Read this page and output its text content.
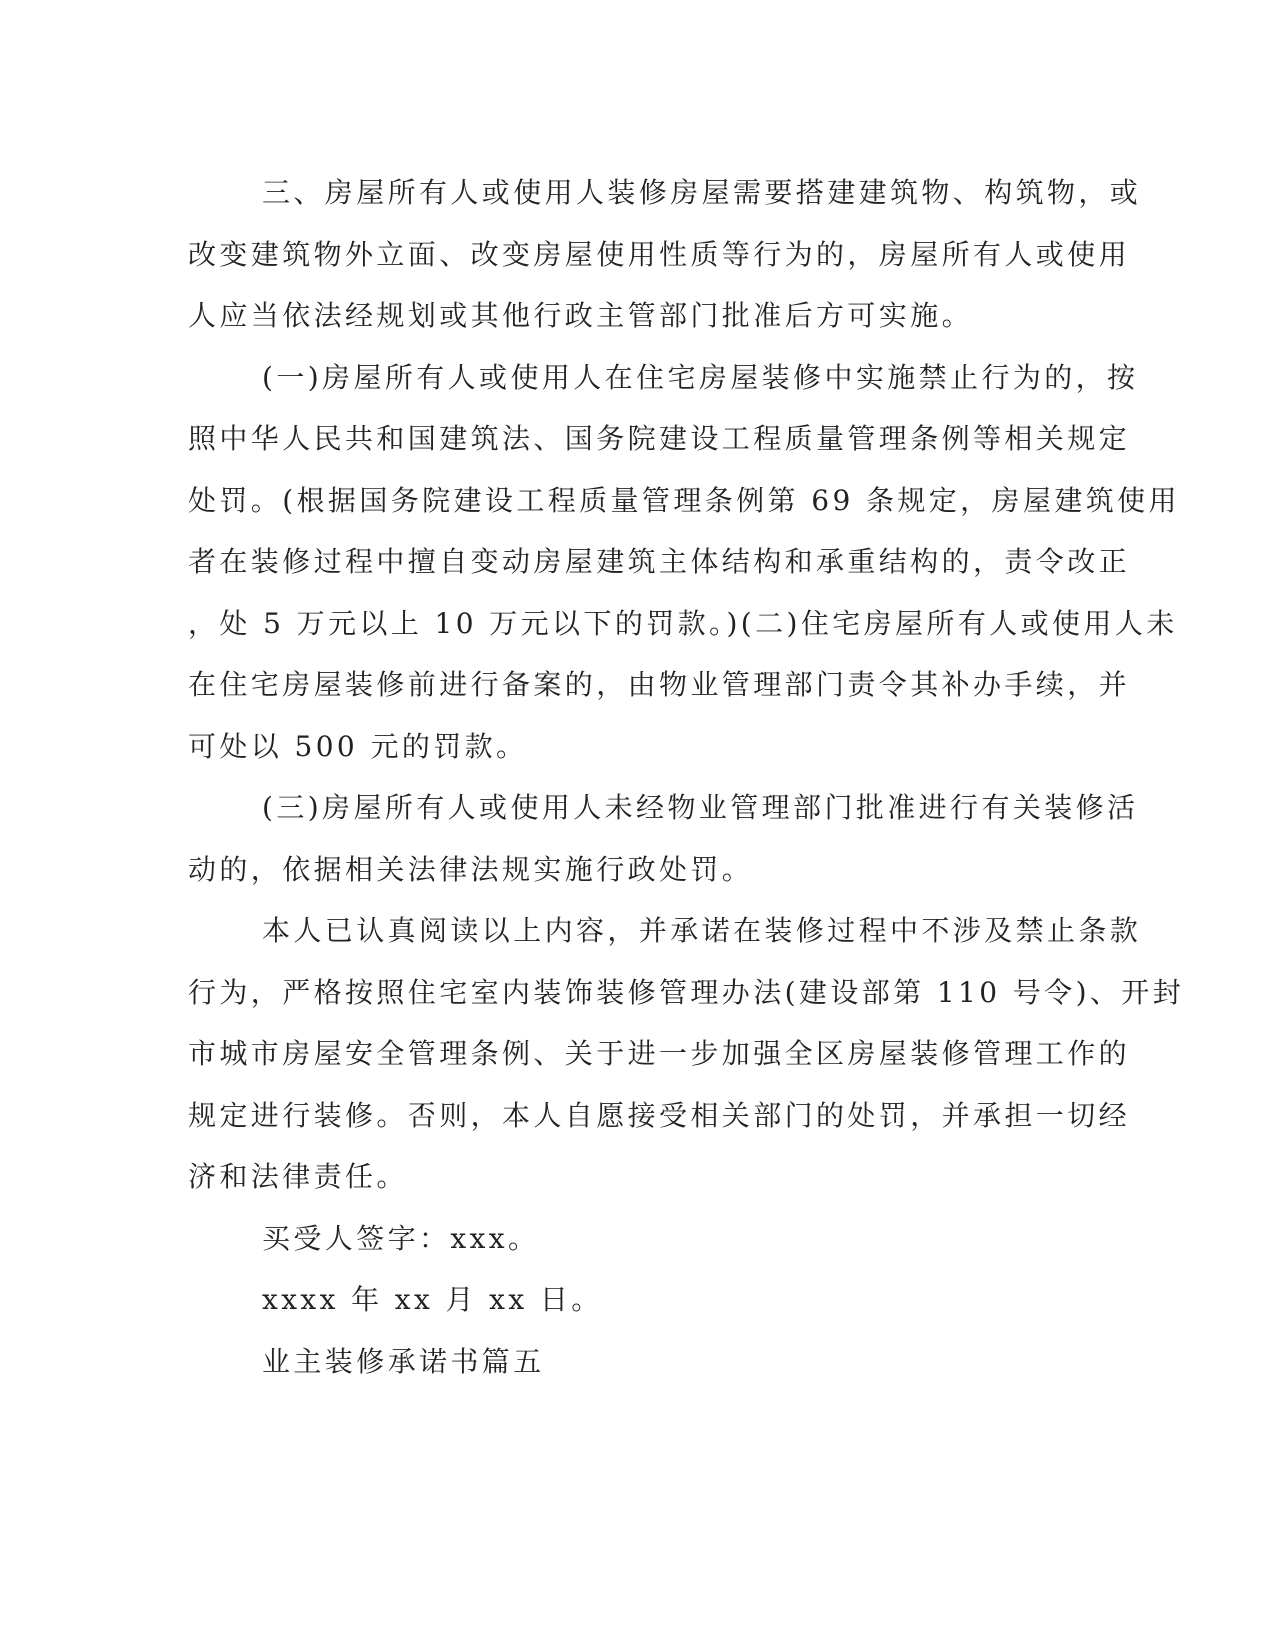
三、房屋所有人或使用人装修房屋需要搭建建筑物、构筑物，或
改变建筑物外立面、改变房屋使用性质等行为的，房屋所有人或使用
人应当依法经规划或其他行政主管部门批准后方可实施。
(一)房屋所有人或使用人在住宅房屋装修中实施禁止行为的，按
照中华人民共和国建筑法、国务院建设工程质量管理条例等相关规定
处罚。(根据国务院建设工程质量管理条例第 69 条规定，房屋建筑使用
者在装修过程中擅自变动房屋建筑主体结构和承重结构的，责令改正
，处 5 万元以上 10 万元以下的罚款。)(二)住宅房屋所有人或使用人未
在住宅房屋装修前进行备案的，由物业管理部门责令其补办手续，并
可处以 500 元的罚款。
(三)房屋所有人或使用人未经物业管理部门批准进行有关装修活
动的，依据相关法律法规实施行政处罚。
本人已认真阅读以上内容，并承诺在装修过程中不涉及禁止条款
行为，严格按照住宅室内装饰装修管理办法(建设部第 110 号令)、开封
市城市房屋安全管理条例、关于进一步加强全区房屋装修管理工作的
规定进行装修。否则，本人自愿接受相关部门的处罚，并承担一切经
济和法律责任。

买受人签字：xxx。

xxxx 年 xx 月 xx 日。

业主装修承诺书篇五
